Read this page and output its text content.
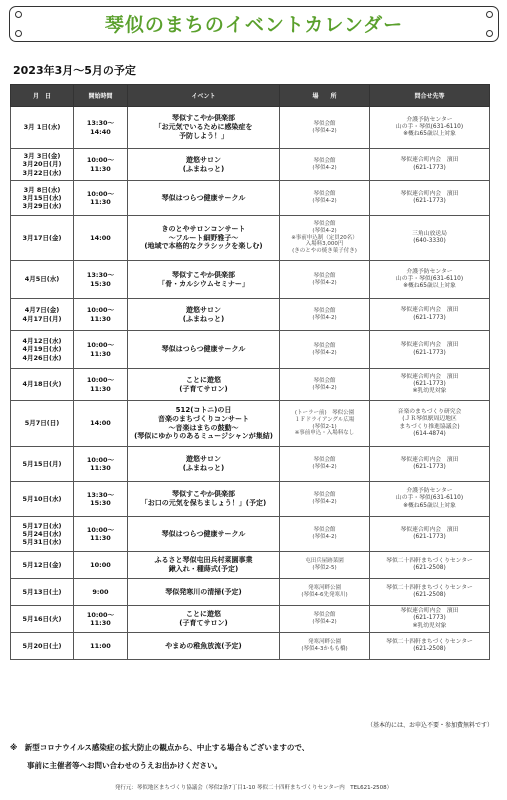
琴似のまちのイベントカレンダー
2023年3月～5月の予定
月　日	開始時間	イベント	場　　所	問合せ先等
3月 1日(水)	13:30～
14:40	琴似すこやか倶楽部
「お元気でいるために感染症を
予防しよう！」	琴似会館
(琴似4-2)	介護予防センター
山の手・琴似(631-6110)
※概ね65歳以上対象
3月 3日(金)
3月20日(月)
3月22日(水)	10:00～
11:30	遊悠サロン
(ふまねっと)	琴似会館
(琴似4-2)	琴似連合町内会　濱田
(621-1773)
3月 8日(水)
3月15日(水)
3月29日(水)	10:00～
11:30	琴似はつらつ健康サークル	琴似会館
(琴似4-2)	琴似連合町内会　濱田
(621-1773)
3月17日(金)	14:00	きのとやサロンコンサート
～フルート細野雅子～
(地域で本格的なクラシックを楽しむ)	琴似会館
(琴似4-2)
※事前申込制（定員20名）
入場料3,000円
(きのとやの焼き菓子付き)	三角山放送局
(640-3330)
4月5日(水)	13:30～
15:30	琴似すこやか倶楽部
「骨・カルシウムセミナー」	琴似会館
(琴似4-2)	介護予防センター
山の手・琴似(631-6110)
※概ね65歳以上対象
4月7日(金)
4月17日(月)	10:00～
11:30	遊悠サロン
(ふまねっと)	琴似会館
(琴似4-2)	琴似連合町内会　濱田
(621-1773)
4月12日(水)
4月19日(水)
4月26日(水)	10:00～
11:30	琴似はつらつ健康サークル	琴似会館
(琴似4-2)	琴似連合町内会　濱田
(621-1773)
4月18日(火)	10:00～
11:30	ことに遊悠
(子育てサロン)	琴似会館
(琴似4-2)	琴似連合町内会　濱田
(621-1773)
※乳幼児対象
5月7日(日)	14:00	512(コトニ)の日
音楽のまちづくりコンサート
～音楽はまちの鼓動～
(琴似にゆかりのあるミュージシャンが集結)	(トーラー前)　琴似公園
１Ｆドライアングル広場
(琴似2-1)
※事前申込・入場料なし	音楽のまちづくり研究会
(ＪＲ琴似駅周辺地区
まちづくり推進協議会)
(614-4874)
5月15日(月)	10:00～
11:30	遊悠サロン
(ふまねっと)	琴似会館
(琴似4-2)	琴似連合町内会　濱田
(621-1773)
5月10日(水)	13:30～
15:30	琴似すこやか倶楽部
「お口の元気を保ちましょう！」(予定)	琴似会館
(琴似4-2)	介護予防センター
山の手・琴似(631-6110)
※概ね65歳以上対象
5月17日(水)
5月24日(水)
5月31日(水)	10:00～
11:30	琴似はつらつ健康サークル	琴似会館
(琴似4-2)	琴似連合町内会　濱田
(621-1773)
5月12日(金)	10:00	ふるさと琴似屯田兵村菜園事業
鍬入れ・種蒔式(予定)	屯田兵屋跡菜園
(琴似2-5)	琴似二十四軒まちづくりセンター
(621-2508)
5月13日(土)	9:00	琴似発寒川の清掃(予定)	発寒河畔公園
(琴似4-6先発寒川)	琴似二十四軒まちづくりセンター
(621-2508)
5月16日(火)	10:00～
11:30	ことに遊悠
(子育てサロン)	琴似会館
(琴似4-2)	琴似連合町内会　濱田
(621-1773)
※乳幼児対象
5月20日(土)	11:00	やまめの稚魚放流(予定)	発寒河畔公園
(琴似4-3かもも橋)	琴似二十四軒まちづくりセンター
(621-2508)
（基本的には、お申込不要・参加費無料です）
※　新型コロナウイルス感染症の拡大防止の観点から、中止する場合もございますので、
事前に主催者等へお問い合わせのうえお出かけください。
発行元：琴似地区まちづくり協議会（琴似2条7丁目1-10 琴似二十四軒まちづくりセンター内　TEL621-2508）
